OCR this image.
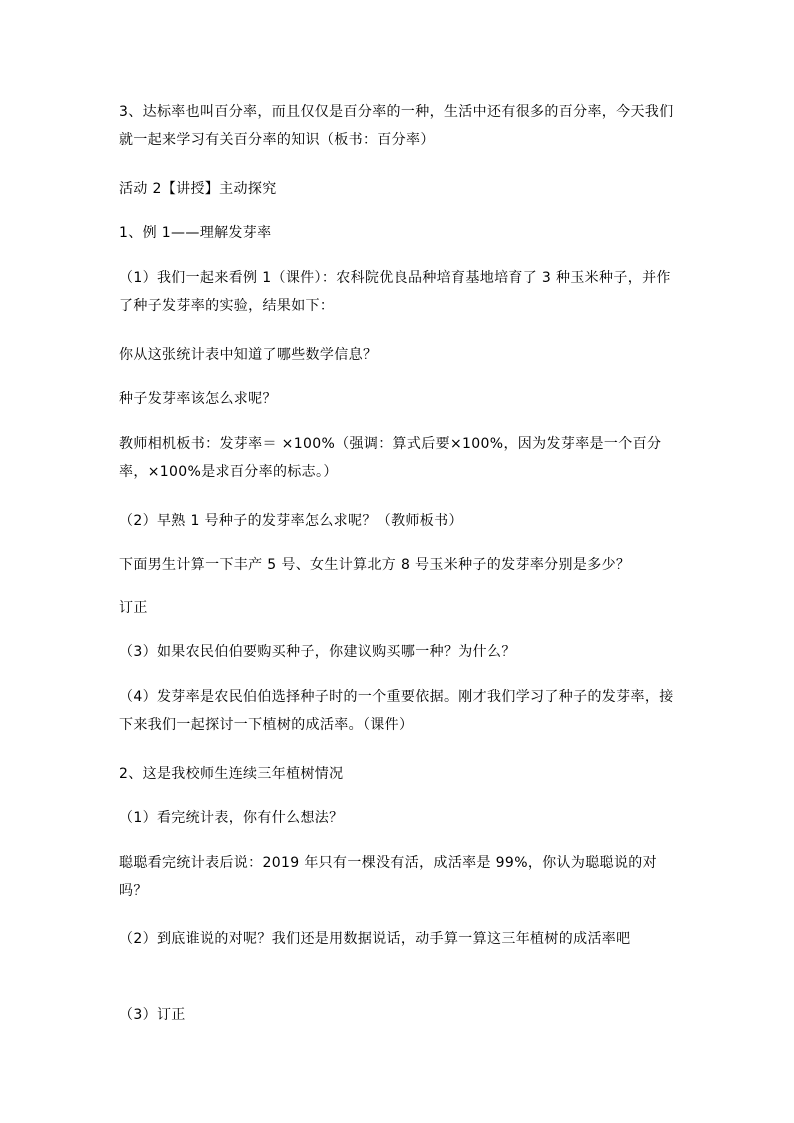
3、达标率也叫百分率，而且仅仅是百分率的一种，生活中还有很多的百分率，今天我们就一起来学习有关百分率的知识（板书：百分率）

活动 2【讲授】主动探究

1、例 1——理解发芽率

（1）我们一起来看例 1（课件）：农科院优良品种培育基地培育了 3 种玉米种子，并作了种子发芽率的实验，结果如下：

你从这张统计表中知道了哪些数学信息？

种子发芽率该怎么求呢？

教师相机板书：发芽率＝ ×100%（强调：算式后要×100%，因为发芽率是一个百分率，×100%是求百分率的标志。）

（2）早熟 1 号种子的发芽率怎么求呢？（教师板书）

下面男生计算一下丰产 5 号、女生计算北方 8 号玉米种子的发芽率分别是多少？

订正

（3）如果农民伯伯要购买种子，你建议购买哪一种？为什么？

（4）发芽率是农民伯伯选择种子时的一个重要依据。刚才我们学习了种子的发芽率，接下来我们一起探讨一下植树的成活率。（课件）

2、这是我校师生连续三年植树情况

（1）看完统计表，你有什么想法？

聪聪看完统计表后说：2019 年只有一棵没有活，成活率是 99%，你认为聪聪说的对吗？

（2）到底谁说的对呢？我们还是用数据说话，动手算一算这三年植树的成活率吧

（3）订正
